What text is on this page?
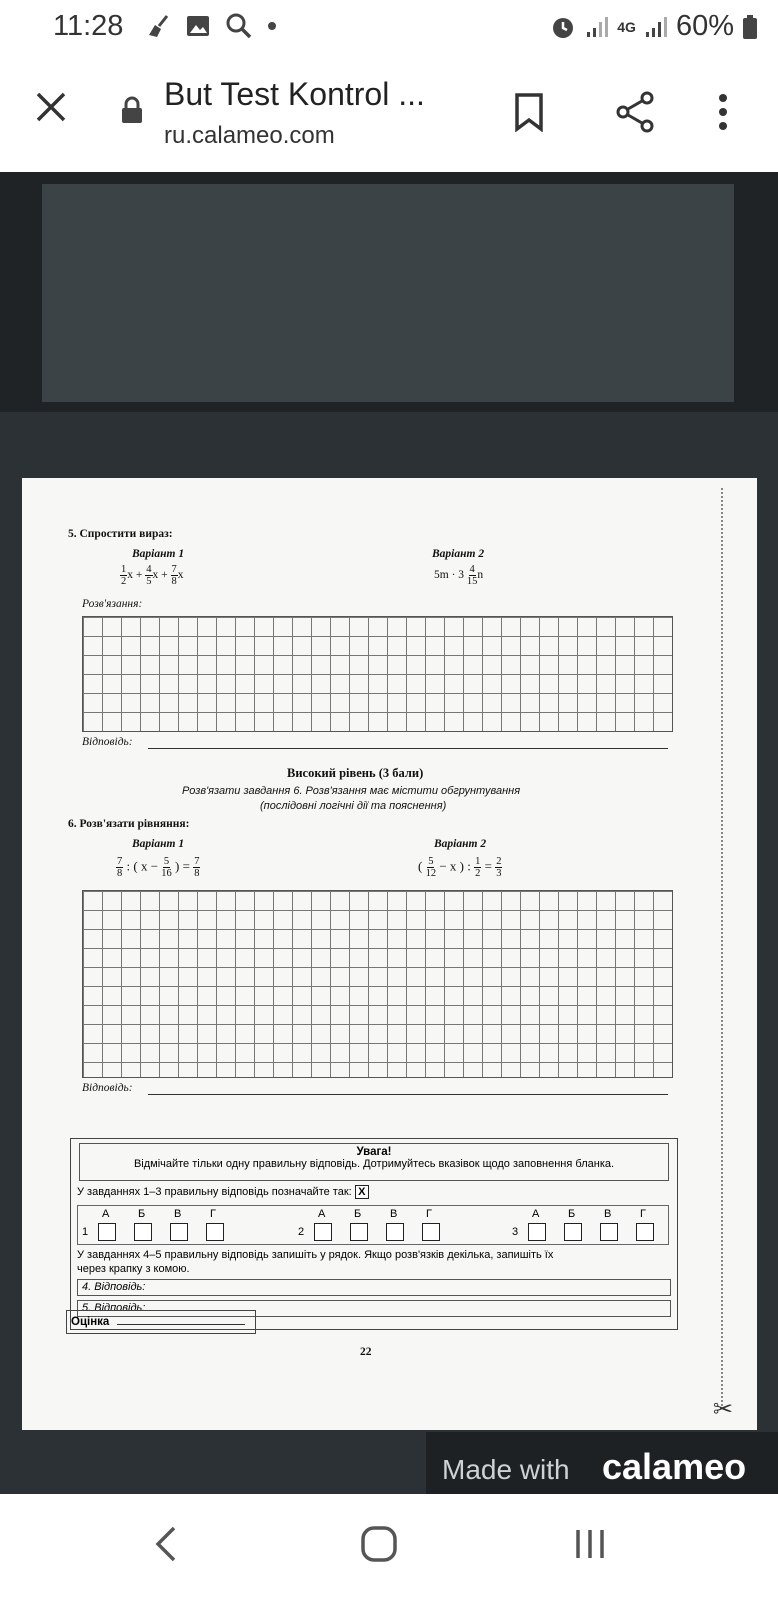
11:28	4G 60%
But Test Kontrol ...
ru.calameo.com
✂
5. Спростити вираз:
Варіант 1	Варіант 2
$\frac{1}{2}$ $x + \frac{4}{5}$ $x + \frac{7}{8}$ x	$5m \cdot 3 \frac{4}{15}$ n
Розв'язання:
Відповідь:
Високий рівень (3 бали)
Розв'язати завдання 6. Розв'язання має містити обгрунтування
(послідовні логічні дії та пояснення)
6. Розв'язати рівняння:
Варіант 1	Варіант 2
$\frac{7}{8}$ : ( $x - \frac{5}{16}$ ) = $\frac{7}{8}$	( $\frac{5}{12} - x$ ) : $\frac{1}{2} = \frac{2}{3}$
Відповідь:
Увага!
Відмічайте тільки одну правильну відповідь. Дотримуйтесь вказівок щодо заповнення бланка.
У завданнях 1–3 правильну відповідь позначайте так: X
1
А	Б	В	Г
2
А	Б	В	Г
3
А	Б	В	Г
У завданнях 4–5 правильну відповідь запишіть у рядок. Якщо розв'язків декілька, запишіть їх
через крапку з комою.
4. Відповідь:
5. Відповідь:
Оцінка
22
Made with calameo
